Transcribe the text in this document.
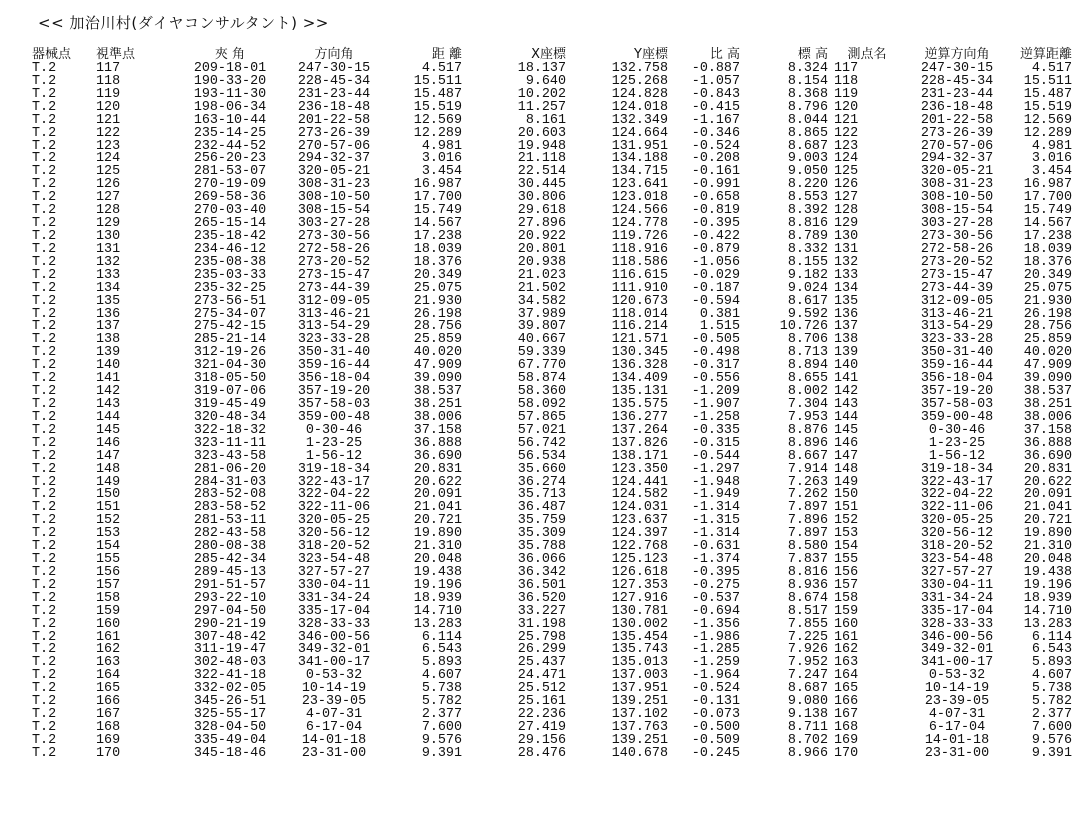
<< 加治川村(ダイヤコンサルタント) >>
器械点	視準点	夾 角	方向角	距 離	X座標	Y座標	比 高	標 高	測点名	逆算方向角	逆算距離
T.2	117	209-18-01	247-30-15	4.517	18.137	132.758	-0.887	8.324	117	247-30-15	4.517
T.2	118	190-33-20	228-45-34	15.511	9.640	125.268	-1.057	8.154	118	228-45-34	15.511
T.2	119	193-11-30	231-23-44	15.487	10.202	124.828	-0.843	8.368	119	231-23-44	15.487
T.2	120	198-06-34	236-18-48	15.519	11.257	124.018	-0.415	8.796	120	236-18-48	15.519
T.2	121	163-10-44	201-22-58	12.569	8.161	132.349	-1.167	8.044	121	201-22-58	12.569
T.2	122	235-14-25	273-26-39	12.289	20.603	124.664	-0.346	8.865	122	273-26-39	12.289
T.2	123	232-44-52	270-57-06	4.981	19.948	131.951	-0.524	8.687	123	270-57-06	4.981
T.2	124	256-20-23	294-32-37	3.016	21.118	134.188	-0.208	9.003	124	294-32-37	3.016
T.2	125	281-53-07	320-05-21	3.454	22.514	134.715	-0.161	9.050	125	320-05-21	3.454
T.2	126	270-19-09	308-31-23	16.987	30.445	123.641	-0.991	8.220	126	308-31-23	16.987
T.2	127	269-58-36	308-10-50	17.700	30.806	123.018	-0.658	8.553	127	308-10-50	17.700
T.2	128	270-03-40	308-15-54	15.749	29.618	124.566	-0.819	8.392	128	308-15-54	15.749
T.2	129	265-15-14	303-27-28	14.567	27.896	124.778	-0.395	8.816	129	303-27-28	14.567
T.2	130	235-18-42	273-30-56	17.238	20.922	119.726	-0.422	8.789	130	273-30-56	17.238
T.2	131	234-46-12	272-58-26	18.039	20.801	118.916	-0.879	8.332	131	272-58-26	18.039
T.2	132	235-08-38	273-20-52	18.376	20.938	118.586	-1.056	8.155	132	273-20-52	18.376
T.2	133	235-03-33	273-15-47	20.349	21.023	116.615	-0.029	9.182	133	273-15-47	20.349
T.2	134	235-32-25	273-44-39	25.075	21.502	111.910	-0.187	9.024	134	273-44-39	25.075
T.2	135	273-56-51	312-09-05	21.930	34.582	120.673	-0.594	8.617	135	312-09-05	21.930
T.2	136	275-34-07	313-46-21	26.198	37.989	118.014	0.381	9.592	136	313-46-21	26.198
T.2	137	275-42-15	313-54-29	28.756	39.807	116.214	1.515	10.726	137	313-54-29	28.756
T.2	138	285-21-14	323-33-28	25.859	40.667	121.571	-0.505	8.706	138	323-33-28	25.859
T.2	139	312-19-26	350-31-40	40.020	59.339	130.345	-0.498	8.713	139	350-31-40	40.020
T.2	140	321-04-30	359-16-44	47.909	67.770	136.328	-0.317	8.894	140	359-16-44	47.909
T.2	141	318-05-50	356-18-04	39.090	58.874	134.409	-0.556	8.655	141	356-18-04	39.090
T.2	142	319-07-06	357-19-20	38.537	58.360	135.131	-1.209	8.002	142	357-19-20	38.537
T.2	143	319-45-49	357-58-03	38.251	58.092	135.575	-1.907	7.304	143	357-58-03	38.251
T.2	144	320-48-34	359-00-48	38.006	57.865	136.277	-1.258	7.953	144	359-00-48	38.006
T.2	145	322-18-32	0-30-46	37.158	57.021	137.264	-0.335	8.876	145	0-30-46	37.158
T.2	146	323-11-11	1-23-25	36.888	56.742	137.826	-0.315	8.896	146	1-23-25	36.888
T.2	147	323-43-58	1-56-12	36.690	56.534	138.171	-0.544	8.667	147	1-56-12	36.690
T.2	148	281-06-20	319-18-34	20.831	35.660	123.350	-1.297	7.914	148	319-18-34	20.831
T.2	149	284-31-03	322-43-17	20.622	36.274	124.441	-1.948	7.263	149	322-43-17	20.622
T.2	150	283-52-08	322-04-22	20.091	35.713	124.582	-1.949	7.262	150	322-04-22	20.091
T.2	151	283-58-52	322-11-06	21.041	36.487	124.031	-1.314	7.897	151	322-11-06	21.041
T.2	152	281-53-11	320-05-25	20.721	35.759	123.637	-1.315	7.896	152	320-05-25	20.721
T.2	153	282-43-58	320-56-12	19.890	35.309	124.397	-1.314	7.897	153	320-56-12	19.890
T.2	154	280-08-38	318-20-52	21.310	35.788	122.768	-0.631	8.580	154	318-20-52	21.310
T.2	155	285-42-34	323-54-48	20.048	36.066	125.123	-1.374	7.837	155	323-54-48	20.048
T.2	156	289-45-13	327-57-27	19.438	36.342	126.618	-0.395	8.816	156	327-57-27	19.438
T.2	157	291-51-57	330-04-11	19.196	36.501	127.353	-0.275	8.936	157	330-04-11	19.196
T.2	158	293-22-10	331-34-24	18.939	36.520	127.916	-0.537	8.674	158	331-34-24	18.939
T.2	159	297-04-50	335-17-04	14.710	33.227	130.781	-0.694	8.517	159	335-17-04	14.710
T.2	160	290-21-19	328-33-33	13.283	31.198	130.002	-1.356	7.855	160	328-33-33	13.283
T.2	161	307-48-42	346-00-56	6.114	25.798	135.454	-1.986	7.225	161	346-00-56	6.114
T.2	162	311-19-47	349-32-01	6.543	26.299	135.743	-1.285	7.926	162	349-32-01	6.543
T.2	163	302-48-03	341-00-17	5.893	25.437	135.013	-1.259	7.952	163	341-00-17	5.893
T.2	164	322-41-18	0-53-32	4.607	24.471	137.003	-1.964	7.247	164	0-53-32	4.607
T.2	165	332-02-05	10-14-19	5.738	25.512	137.951	-0.524	8.687	165	10-14-19	5.738
T.2	166	345-26-51	23-39-05	5.782	25.161	139.251	-0.131	9.080	166	23-39-05	5.782
T.2	167	325-55-17	4-07-31	2.377	22.236	137.102	-0.073	9.138	167	4-07-31	2.377
T.2	168	328-04-50	6-17-04	7.600	27.419	137.763	-0.500	8.711	168	6-17-04	7.600
T.2	169	335-49-04	14-01-18	9.576	29.156	139.251	-0.509	8.702	169	14-01-18	9.576
T.2	170	345-18-46	23-31-00	9.391	28.476	140.678	-0.245	8.966	170	23-31-00	9.391
